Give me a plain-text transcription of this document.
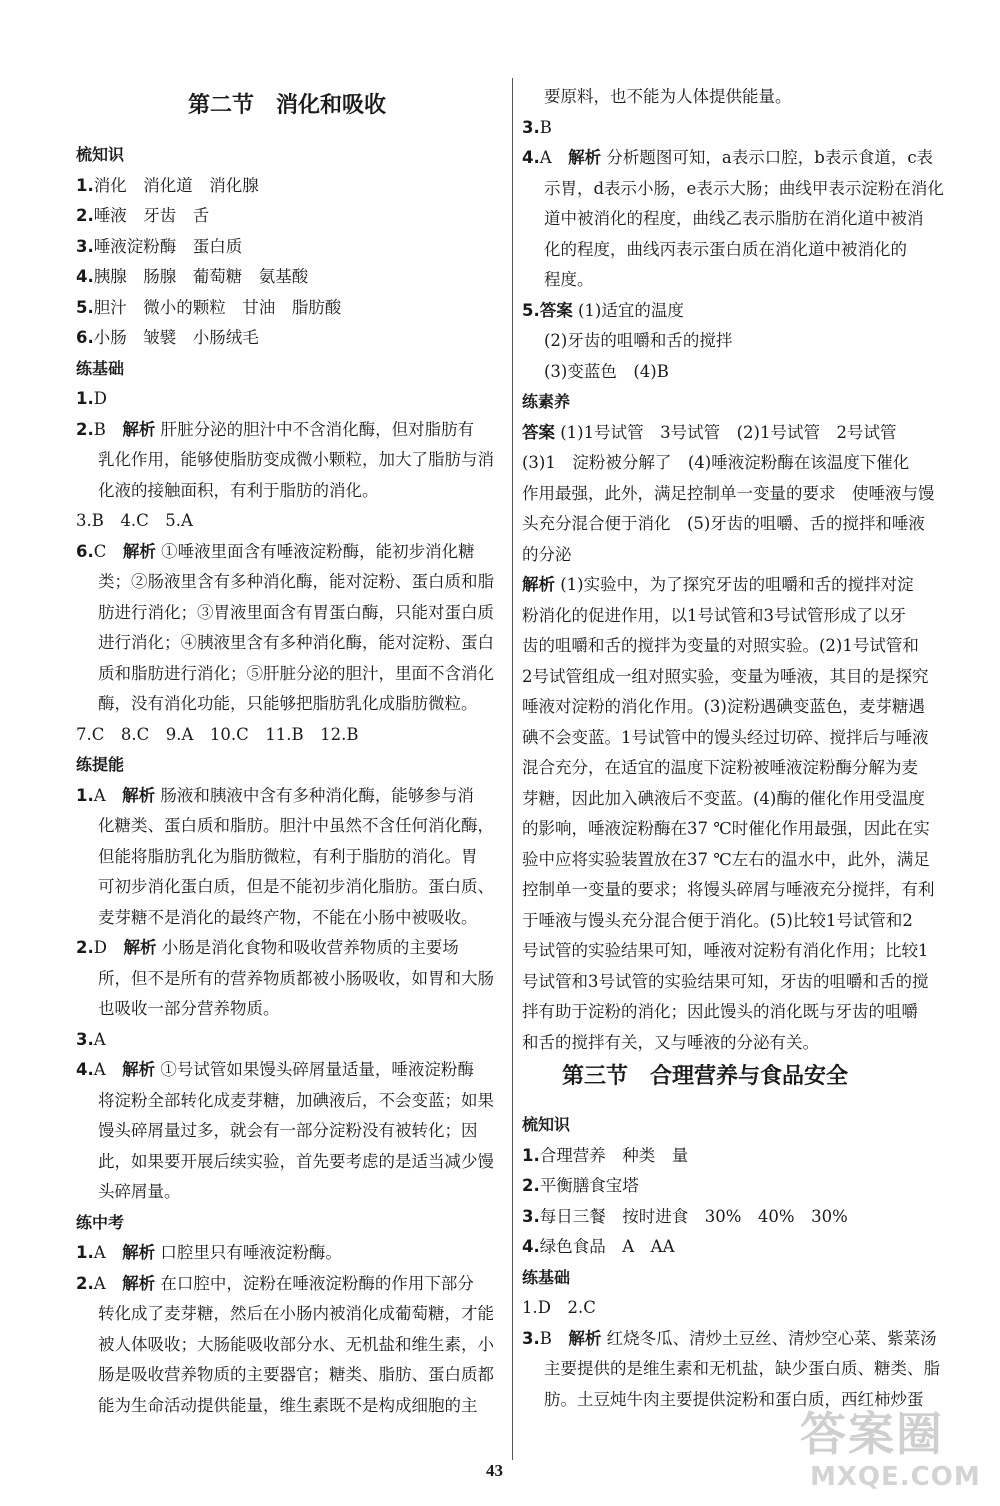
第二节　消化和吸收
梳知识
1.消化　消化道　消化腺
2.唾液　牙齿　舌
3.唾液淀粉酶　蛋白质
4.胰腺　肠腺　葡萄糖　氨基酸
5.胆汁　微小的颗粒　甘油　脂肪酸
6.小肠　皱襞　小肠绒毛
练基础
1.D
2.B　解析 肝脏分泌的胆汁中不含消化酶，但对脂肪有
乳化作用，能够使脂肪变成微小颗粒，加大了脂肪与消
化液的接触面积，有利于脂肪的消化。
3.B　4.C　5.A
6.C　解析 ①唾液里面含有唾液淀粉酶，能初步消化糖
类；②肠液里含有多种消化酶，能对淀粉、蛋白质和脂
肪进行消化；③胃液里面含有胃蛋白酶，只能对蛋白质
进行消化；④胰液里含有多种消化酶，能对淀粉、蛋白
质和脂肪进行消化；⑤肝脏分泌的胆汁，里面不含消化
酶，没有消化功能，只能够把脂肪乳化成脂肪微粒。
7.C　8.C　9.A　10.C　11.B　12.B
练提能
1.A　解析 肠液和胰液中含有多种消化酶，能够参与消
化糖类、蛋白质和脂肪。胆汁中虽然不含任何消化酶，
但能将脂肪乳化为脂肪微粒，有利于脂肪的消化。胃
可初步消化蛋白质，但是不能初步消化脂肪。蛋白质、
麦芽糖不是消化的最终产物，不能在小肠中被吸收。
2.D　解析 小肠是消化食物和吸收营养物质的主要场
所，但不是所有的营养物质都被小肠吸收，如胃和大肠
也吸收一部分营养物质。
3.A
4.A　解析 ①号试管如果馒头碎屑量适量，唾液淀粉酶
将淀粉全部转化成麦芽糖，加碘液后，不会变蓝；如果
馒头碎屑量过多，就会有一部分淀粉没有被转化；因
此，如果要开展后续实验，首先要考虑的是适当减少馒
头碎屑量。
练中考
1.A　解析 口腔里只有唾液淀粉酶。
2.A　解析 在口腔中，淀粉在唾液淀粉酶的作用下部分
转化成了麦芽糖，然后在小肠内被消化成葡萄糖，才能
被人体吸收；大肠能吸收部分水、无机盐和维生素，小
肠是吸收营养物质的主要器官；糖类、脂肪、蛋白质都
能为生命活动提供能量，维生素既不是构成细胞的主
要原料，也不能为人体提供能量。
3.B
4.A　解析 分析题图可知，a表示口腔，b表示食道，c表
示胃，d表示小肠，e表示大肠；曲线甲表示淀粉在消化
道中被消化的程度，曲线乙表示脂肪在消化道中被消
化的程度，曲线丙表示蛋白质在消化道中被消化的
程度。
5.答案 (1)适宜的温度
(2)牙齿的咀嚼和舌的搅拌
(3)变蓝色　(4)B
练素养
答案 (1)1号试管　3号试管　(2)1号试管　2号试管
(3)1　淀粉被分解了　(4)唾液淀粉酶在该温度下催化
作用最强，此外，满足控制单一变量的要求　使唾液与馒
头充分混合便于消化　(5)牙齿的咀嚼、舌的搅拌和唾液
的分泌
解析 (1)实验中，为了探究牙齿的咀嚼和舌的搅拌对淀
粉消化的促进作用，以1号试管和3号试管形成了以牙
齿的咀嚼和舌的搅拌为变量的对照实验。(2)1号试管和
2号试管组成一组对照实验，变量为唾液，其目的是探究
唾液对淀粉的消化作用。(3)淀粉遇碘变蓝色，麦芽糖遇
碘不会变蓝。1号试管中的馒头经过切碎、搅拌后与唾液
混合充分，在适宜的温度下淀粉被唾液淀粉酶分解为麦
芽糖，因此加入碘液后不变蓝。(4)酶的催化作用受温度
的影响，唾液淀粉酶在37 ℃时催化作用最强，因此在实
验中应将实验装置放在37 ℃左右的温水中，此外，满足
控制单一变量的要求；将馒头碎屑与唾液充分搅拌，有利
于唾液与馒头充分混合便于消化。(5)比较1号试管和2
号试管的实验结果可知，唾液对淀粉有消化作用；比较1
号试管和3号试管的实验结果可知，牙齿的咀嚼和舌的搅
拌有助于淀粉的消化；因此馒头的消化既与牙齿的咀嚼
和舌的搅拌有关，又与唾液的分泌有关。
第三节　合理营养与食品安全
梳知识
1.合理营养　种类　量
2.平衡膳食宝塔
3.每日三餐　按时进食　30%　40%　30%
4.绿色食品　A　AA
练基础
1.D　2.C
3.B　解析 红烧冬瓜、清炒土豆丝、清炒空心菜、紫菜汤
主要提供的是维生素和无机盐，缺少蛋白质、糖类、脂
肪。土豆炖牛肉主要提供淀粉和蛋白质，西红柿炒蛋
43
答案圈
MXQE.COM
